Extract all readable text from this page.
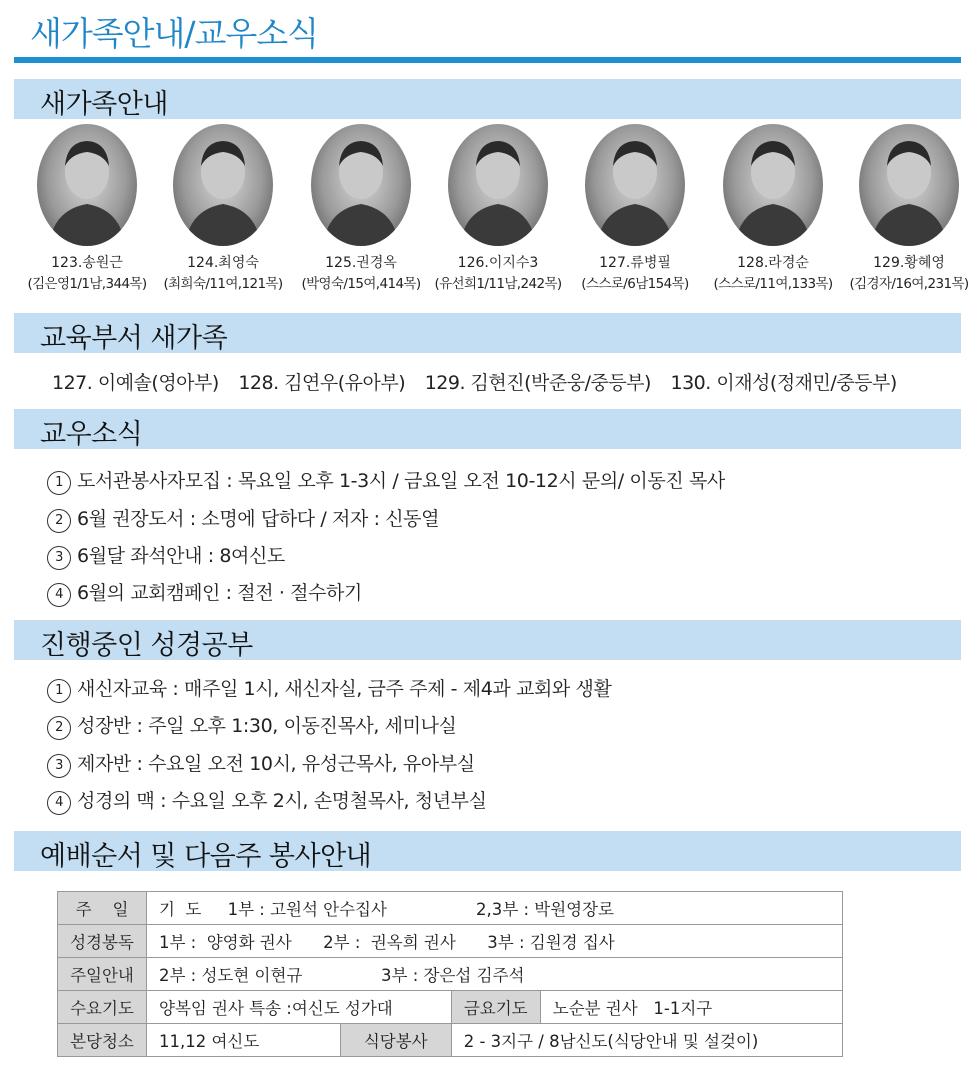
새가족안내/교우소식
새가족안내
123.송원근
(김은영1/1남,344목)
124.최영숙
(최희숙/11여,121목)
125.권경옥
(박영숙/15여,414목)
126.이지수3
(유선희1/11남,242목)
127.류병필
(스스로/6남154목)
128.라경순
(스스로/11여,133목)
129.황혜영
(김경자/16여,231목)
교육부서 새가족
127. 이예솔(영아부) 128. 김연우(유아부) 129. 김현진(박준웅/중등부) 130. 이재성(정재민/중등부)
교우소식
1 도서관봉사자모집 : 목요일 오후 1-3시 / 금요일 오전 10-12시 문의/ 이동진 목사
2 6월 권장도서 : 소명에 답하다 / 저자 : 신동열
3 6월달 좌석안내 : 8여신도
4 6월의 교회캠페인 : 절전 · 절수하기
진행중인 성경공부
1 새신자교육 : 매주일 1시, 새신자실, 금주 주제 - 제4과 교회와 생활
2 성장반 : 주일 오후 1:30, 이동진목사, 세미나실
3 제자반 : 수요일 오전 10시, 유성근목사, 유아부실
4 성경의 맥 : 수요일 오후 2시, 손명철목사, 청년부실
예배순서 및 다음주 봉사안내
주    일	기  도     1부 : 고원석 안수집사                 2,3부 : 박원영장로			
성경봉독	1부 :  양영화 권사      2부 :  권옥희 권사      3부 : 김원경 집사			
주일안내	2부 : 성도현 이현규               3부 : 장은섭 김주석			
수요기도	양복임 권사 특송 :여신도 성가대		금요기도	노순분 권사   1-1지구
본당청소	11,12 여신도	식당봉사	2 - 3지구 / 8남신도(식당안내 및 설겆이)	
